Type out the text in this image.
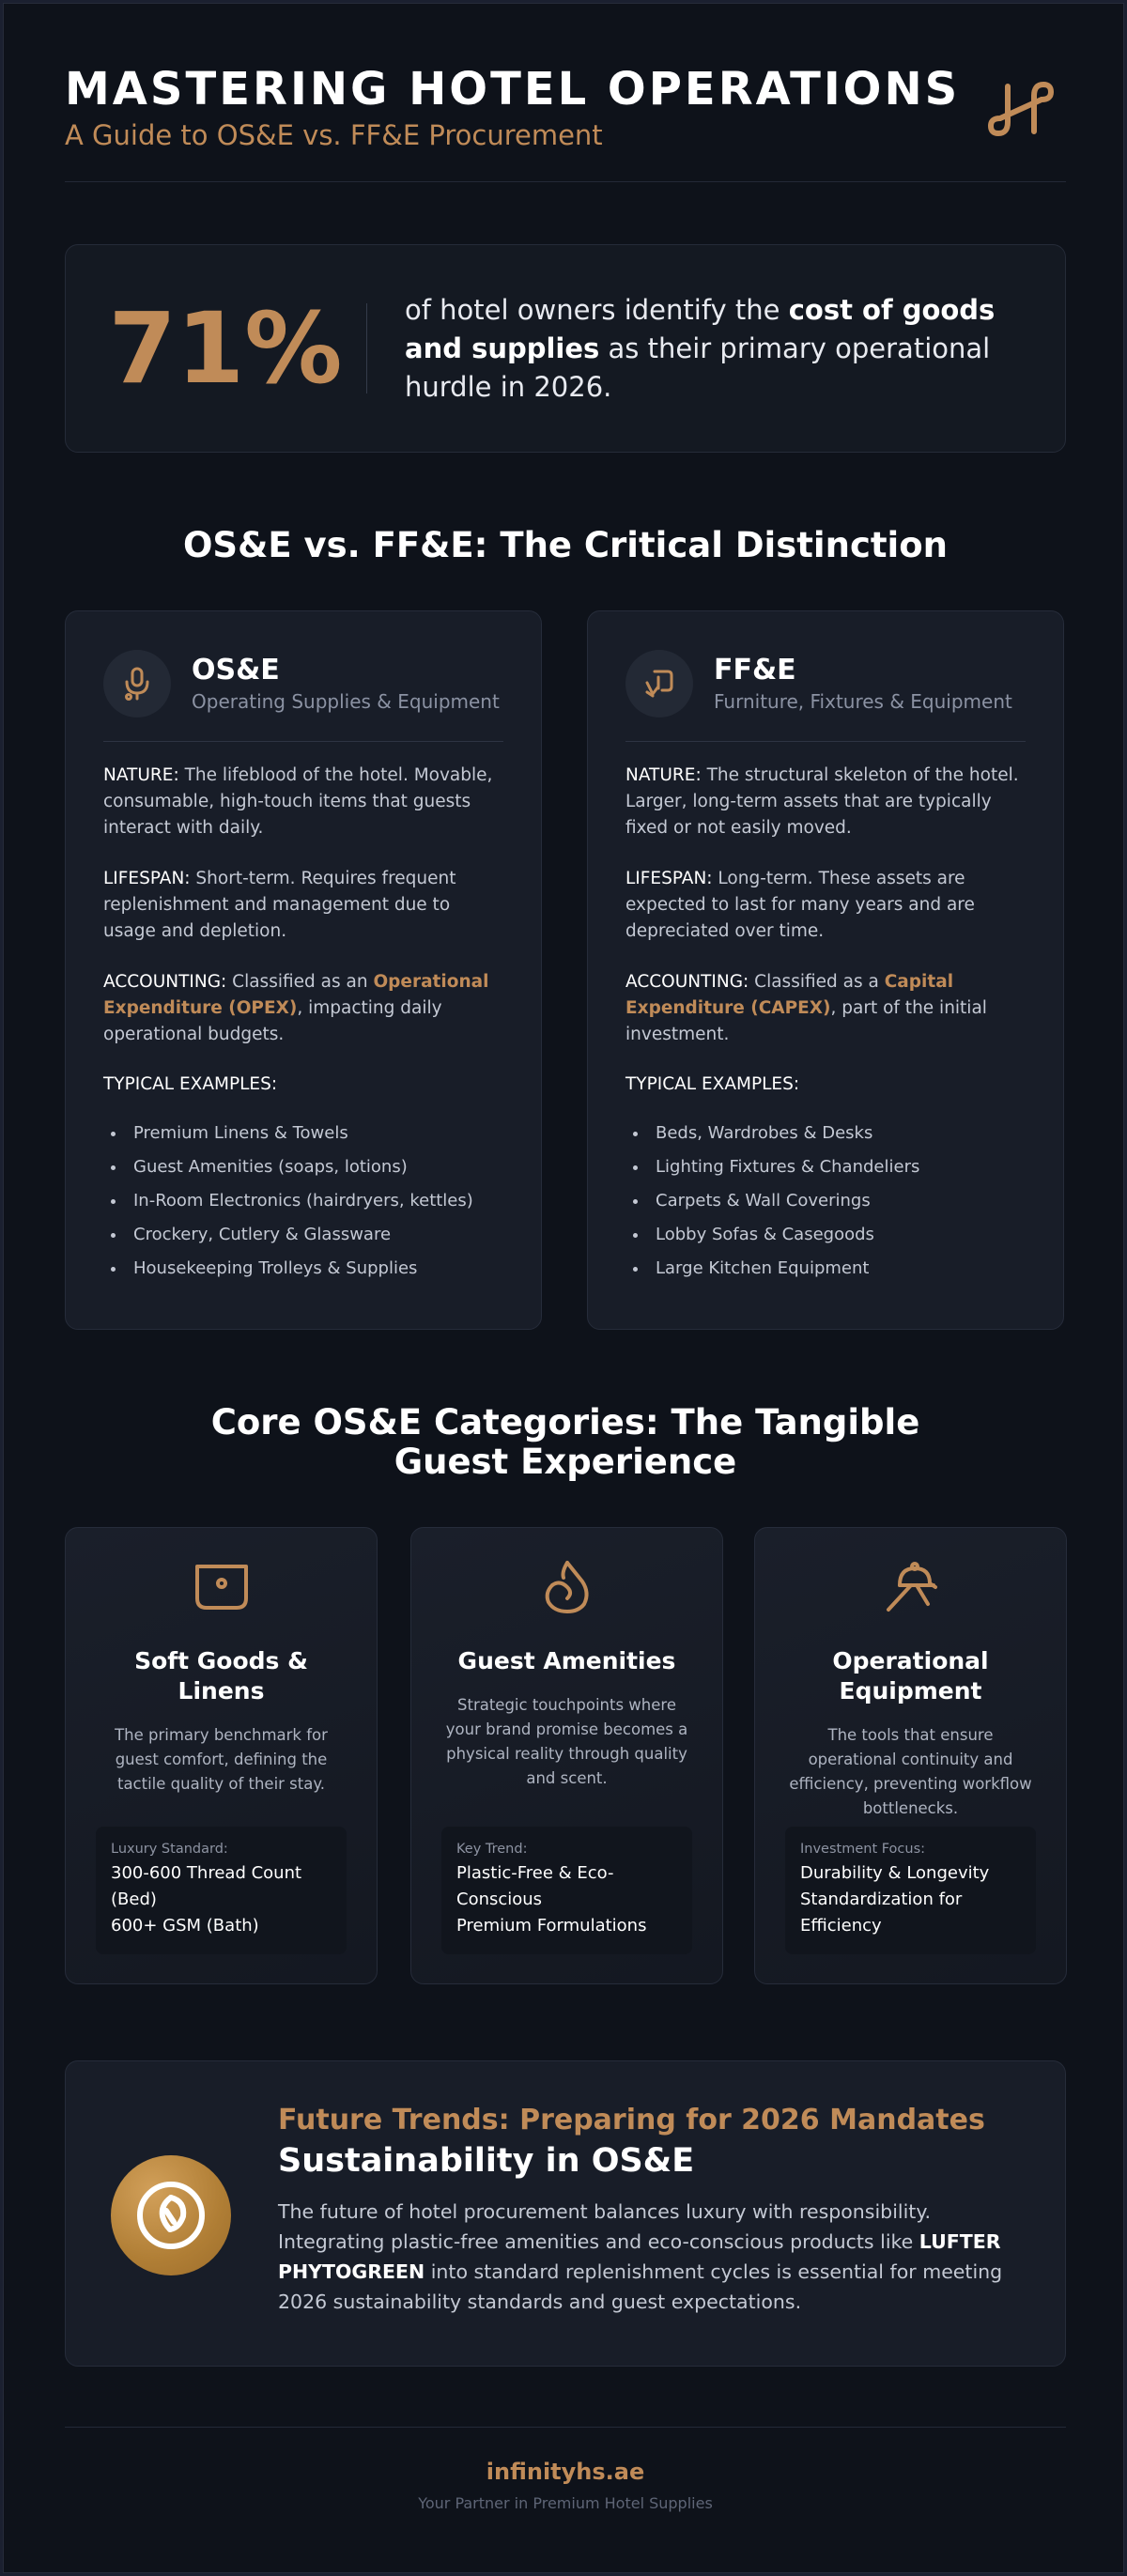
MASTERING HOTEL OPERATIONS
A Guide to OS&E vs. FF&E Procurement
71%	of hotel owners identify the cost of goods and supplies as their primary operational hurdle in 2026.
OS&E vs. FF&E: The Critical Distinction
OS&E
Operating Supplies & Equipment

NATURE: The lifeblood of the hotel. Movable, consumable, high-touch items that guests interact with daily.

LIFESPAN: Short-term. Requires frequent replenishment and management due to usage and depletion.

ACCOUNTING: Classified as an Operational Expenditure (OPEX), impacting daily operational budgets.

TYPICAL EXAMPLES:
Premium Linens & Towels
Guest Amenities (soaps, lotions)
In-Room Electronics (hairdryers, kettles)
Crockery, Cutlery & Glassware
Housekeeping Trolleys & Supplies
FF&E
Furniture, Fixtures & Equipment

NATURE: The structural skeleton of the hotel. Larger, long-term assets that are typically fixed or not easily moved.

LIFESPAN: Long-term. These assets are expected to last for many years and are depreciated over time.

ACCOUNTING: Classified as a Capital Expenditure (CAPEX), part of the initial investment.

TYPICAL EXAMPLES:
Beds, Wardrobes & Desks
Lighting Fixtures & Chandeliers
Carpets & Wall Coverings
Lobby Sofas & Casegoods
Large Kitchen Equipment
Core OS&E Categories: The Tangible Guest Experience
Soft Goods & Linens
The primary benchmark for guest comfort, defining the tactile quality of their stay.
Luxury Standard:
300-600 Thread Count (Bed)
600+ GSM (Bath)
Guest Amenities
Strategic touchpoints where your brand promise becomes a physical reality through quality and scent.
Key Trend:
Plastic-Free & Eco-Conscious
Premium Formulations
Operational Equipment
The tools that ensure operational continuity and efficiency, preventing workflow bottlenecks.
Investment Focus:
Durability & Longevity
Standardization for Efficiency
Future Trends: Preparing for 2026 Mandates
Sustainability in OS&E
The future of hotel procurement balances luxury with responsibility. Integrating plastic-free amenities and eco-conscious products like LUFTER PHYTOGREEN into standard replenishment cycles is essential for meeting 2026 sustainability standards and guest expectations.
infinityhs.ae
Your Partner in Premium Hotel Supplies
